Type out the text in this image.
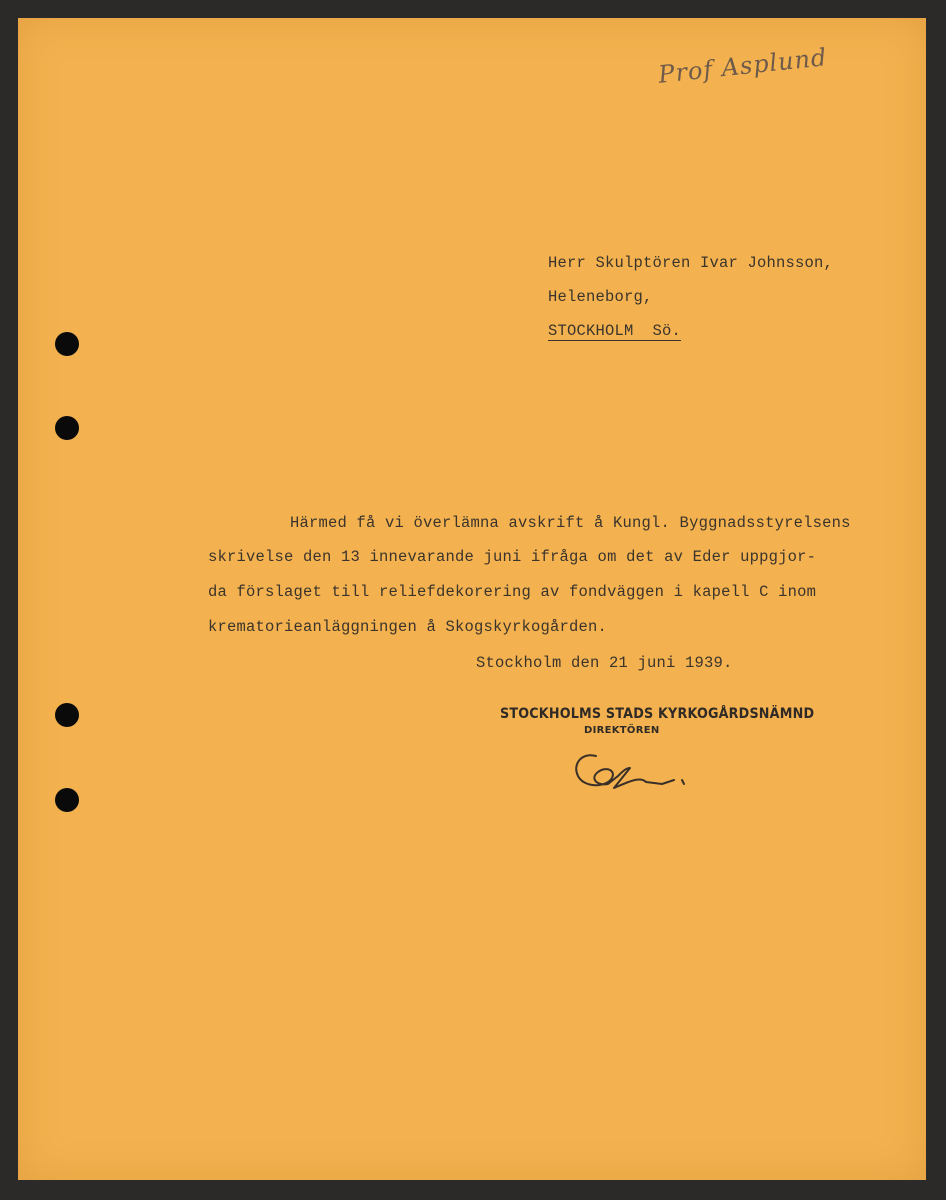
Prof Asplund
Herr Skulptören Ivar Johnsson,
Heleneborg,
STOCKHOLM  Sö.
Härmed få vi överlämna avskrift å Kungl. Byggnadsstyrelsens
skrivelse den 13 innevarande juni ifråga om det av Eder uppgjor-
da förslaget till reliefdekorering av fondväggen i kapell C inom
krematorieanläggningen å Skogskyrkogården.
Stockholm den 21 juni 1939.
STOCKHOLMS STADS KYRKOGÅRDSNÄMND
DIREKTÖREN
